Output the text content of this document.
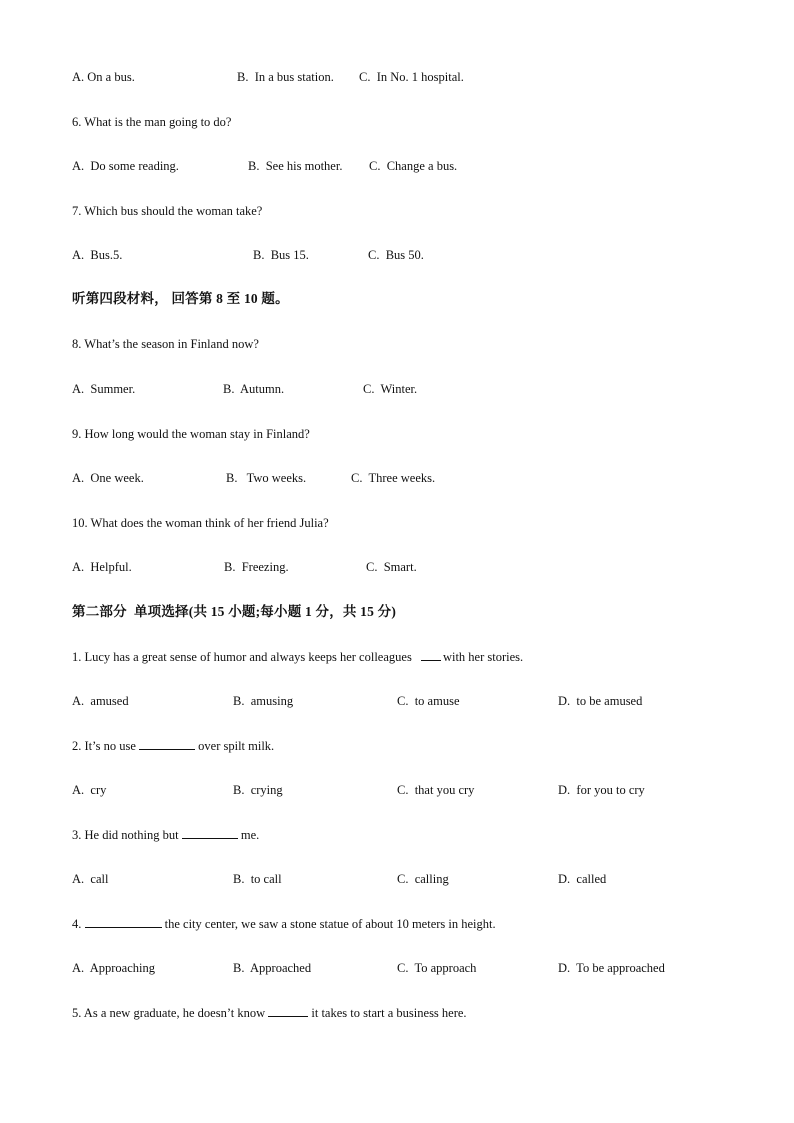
A. On a bus.	B.  In a bus station. C.  In No. 1 hospital.
6. What is the man going to do?
A.  Do some reading.	B.  See his mother. C.  Change a bus.
7. Which bus should the woman take?
A.  Bus.5.	B.  Bus 15.	C.  Bus 50.
听第四段材料， 回答第 8 至 10 题。
8. What’s the season in Finland now?
A.  Summer.	B.  Autumn.	C.  Winter.
9. How long would the woman stay in Finland?
A.  One week.	B.   Two weeks.	C.  Three weeks.
10. What does the woman think of her friend Julia?
A.  Helpful.	B.  Freezing.	C.  Smart.
第二部分  单项选择(共 15 小题;每小题 1 分，共 15 分)
1. Lucy has a great sense of humor and always keeps her colleagues with her stories.
A.  amused	B.  amusing	C.  to amuse	D.  to be amused
2. It’s no use	over spilt milk.
A.  cry	B.  crying	C.  that you cry	D.  for you to cry
3. He did nothing but	me.
A.  call	B.  to call	C.  calling	D.  called
4.	the city center, we saw a stone statue of about 10 meters in height.
A.  Approaching	B.  Approached	C.  To approach	D.  To be approached
5. As a new graduate, he doesn’t know	it takes to start a business here.
